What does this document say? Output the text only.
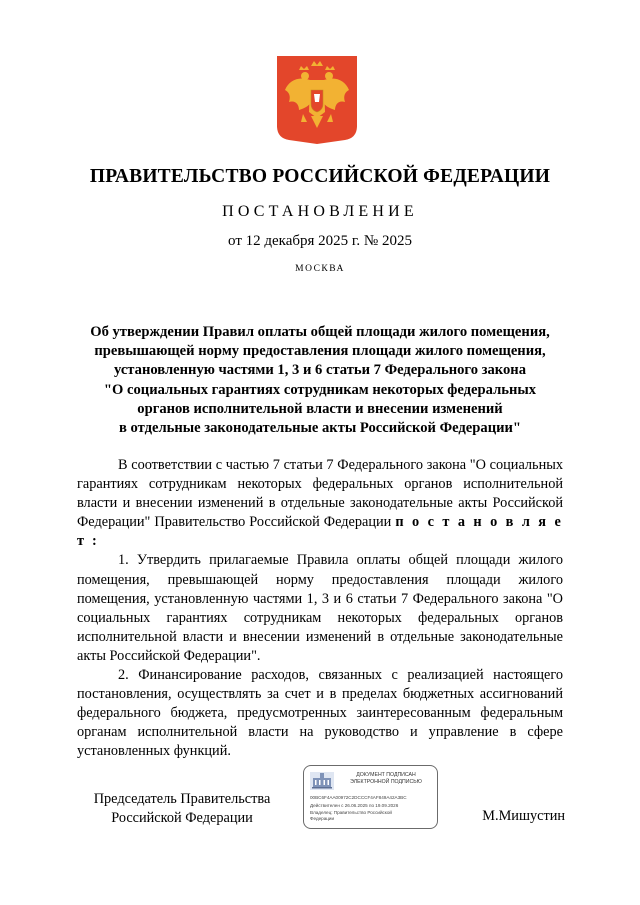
ПРАВИТЕЛЬСТВО РОССИЙСКОЙ ФЕДЕРАЦИИ
ПОСТАНОВЛЕНИЕ
от 12 декабря 2025 г. № 2025
МОСКВА
Об утверждении Правил оплаты общей площади жилого помещения,
превышающей норму предоставления площади жилого помещения,
установленную частями 1, 3 и 6 статьи 7 Федерального закона
"О социальных гарантиях сотрудникам некоторых федеральных
органов исполнительной власти и внесении изменений
в отдельные законодательные акты Российской Федерации"

В соответствии с частью 7 статьи 7 Федерального закона "О социальных гарантиях сотрудникам некоторых федеральных органов исполнительной власти и внесении изменений в отдельные законодательные акты Российской Федерации" Правительство Российской Федерации п о с т а н о в л я е т :

1. Утвердить прилагаемые Правила оплаты общей площади жилого помещения, превышающей норму предоставления площади жилого помещения, установленную частями 1, 3 и 6 статьи 7 Федерального закона "О социальных гарантиях сотрудникам некоторых федеральных органов исполнительной власти и внесении изменений в отдельные законодательные акты Российской Федерации".

2. Финансирование расходов, связанных с реализацией настоящего постановления, осуществлять за счет и в пределах бюджетных ассигнований федерального бюджета, предусмотренных заинтересованным федеральным органам исполнительной власти на руководство и управление в сфере установленных функций.

Председатель Правительства
Российской Федерации
ДОКУМЕНТ ПОДПИСАН
ЭЛЕКТРОННОЙ ПОДПИСЬЮ
00BC6F4AA00972C2DCCCF4AF849A42A3BC
Действителен с 26.06.2025 по 19.09.2026
Владелец: Правительство Российской
Федерации	М.Мишустин
